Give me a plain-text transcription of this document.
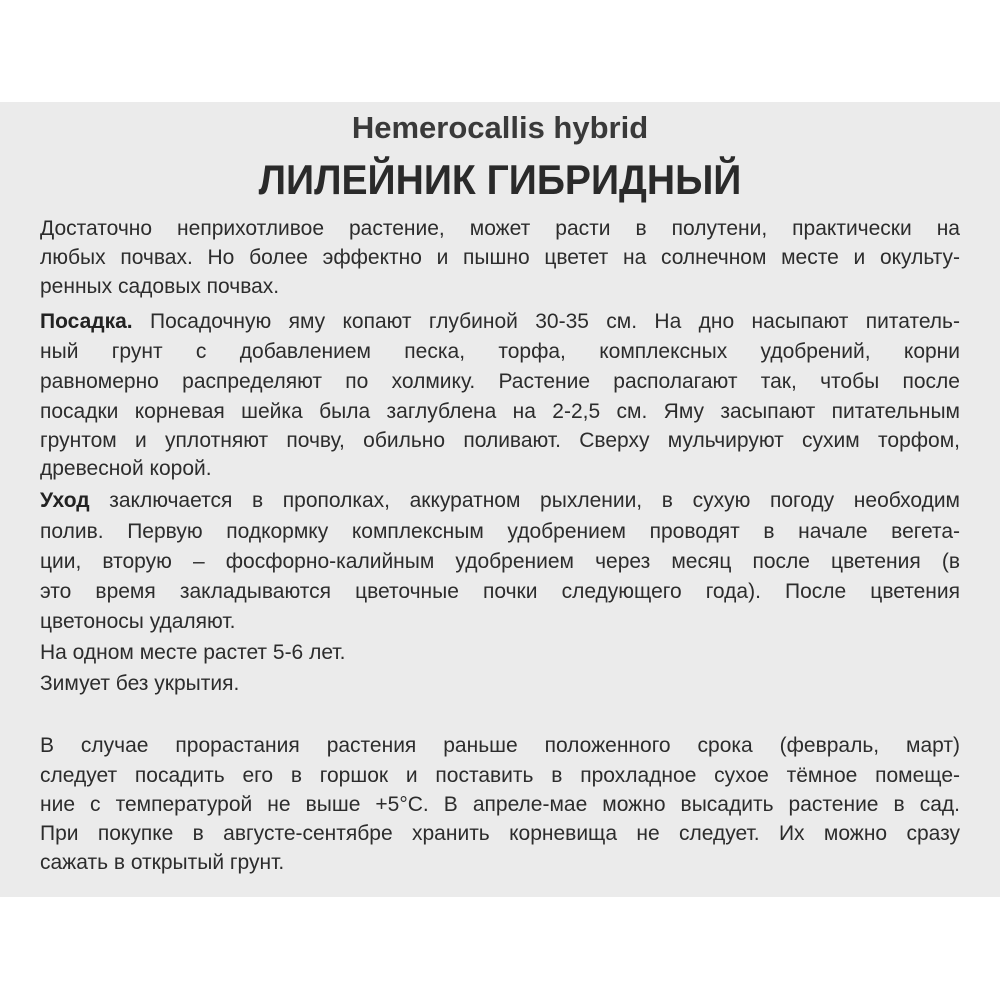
Hemerocallis hybrid
ЛИЛЕЙНИК ГИБРИДНЫЙ

Достаточно неприхотливое растение, может расти в полутени, практически на

любых почвах. Но более эффектно и пышно цветет на солнечном месте и окульту-

ренных садовых почвах.

Посадка. Посадочную яму копают глубиной 30-35 см. На дно насыпают питатель-

ный грунт с добавлением песка, торфа, комплексных удобрений, корни

равномерно распределяют по холмику. Растение располагают так, чтобы после

посадки корневая шейка была заглублена на 2-2,5 см. Яму засыпают питательным

грунтом и уплотняют почву, обильно поливают. Сверху мульчируют сухим торфом,

древесной корой.

Уход заключается в прополках, аккуратном рыхлении, в сухую погоду необходим

полив. Первую подкормку комплексным удобрением проводят в начале вегета-

ции, вторую – фосфорно-калийным удобрением через месяц после цветения (в

это время закладываются цветочные почки следующего года). После цветения

цветоносы удаляют.

На одном месте растет 5-6 лет.

Зимует без укрытия.

В случае прорастания растения раньше положенного срока (февраль, март)

следует посадить его в горшок и поставить в прохладное сухое тёмное помеще-

ние с температурой не выше +5°С. В апреле-мае можно высадить растение в сад.

При покупке в августе-сентябре хранить корневища не следует. Их можно сразу

сажать в открытый грунт.
